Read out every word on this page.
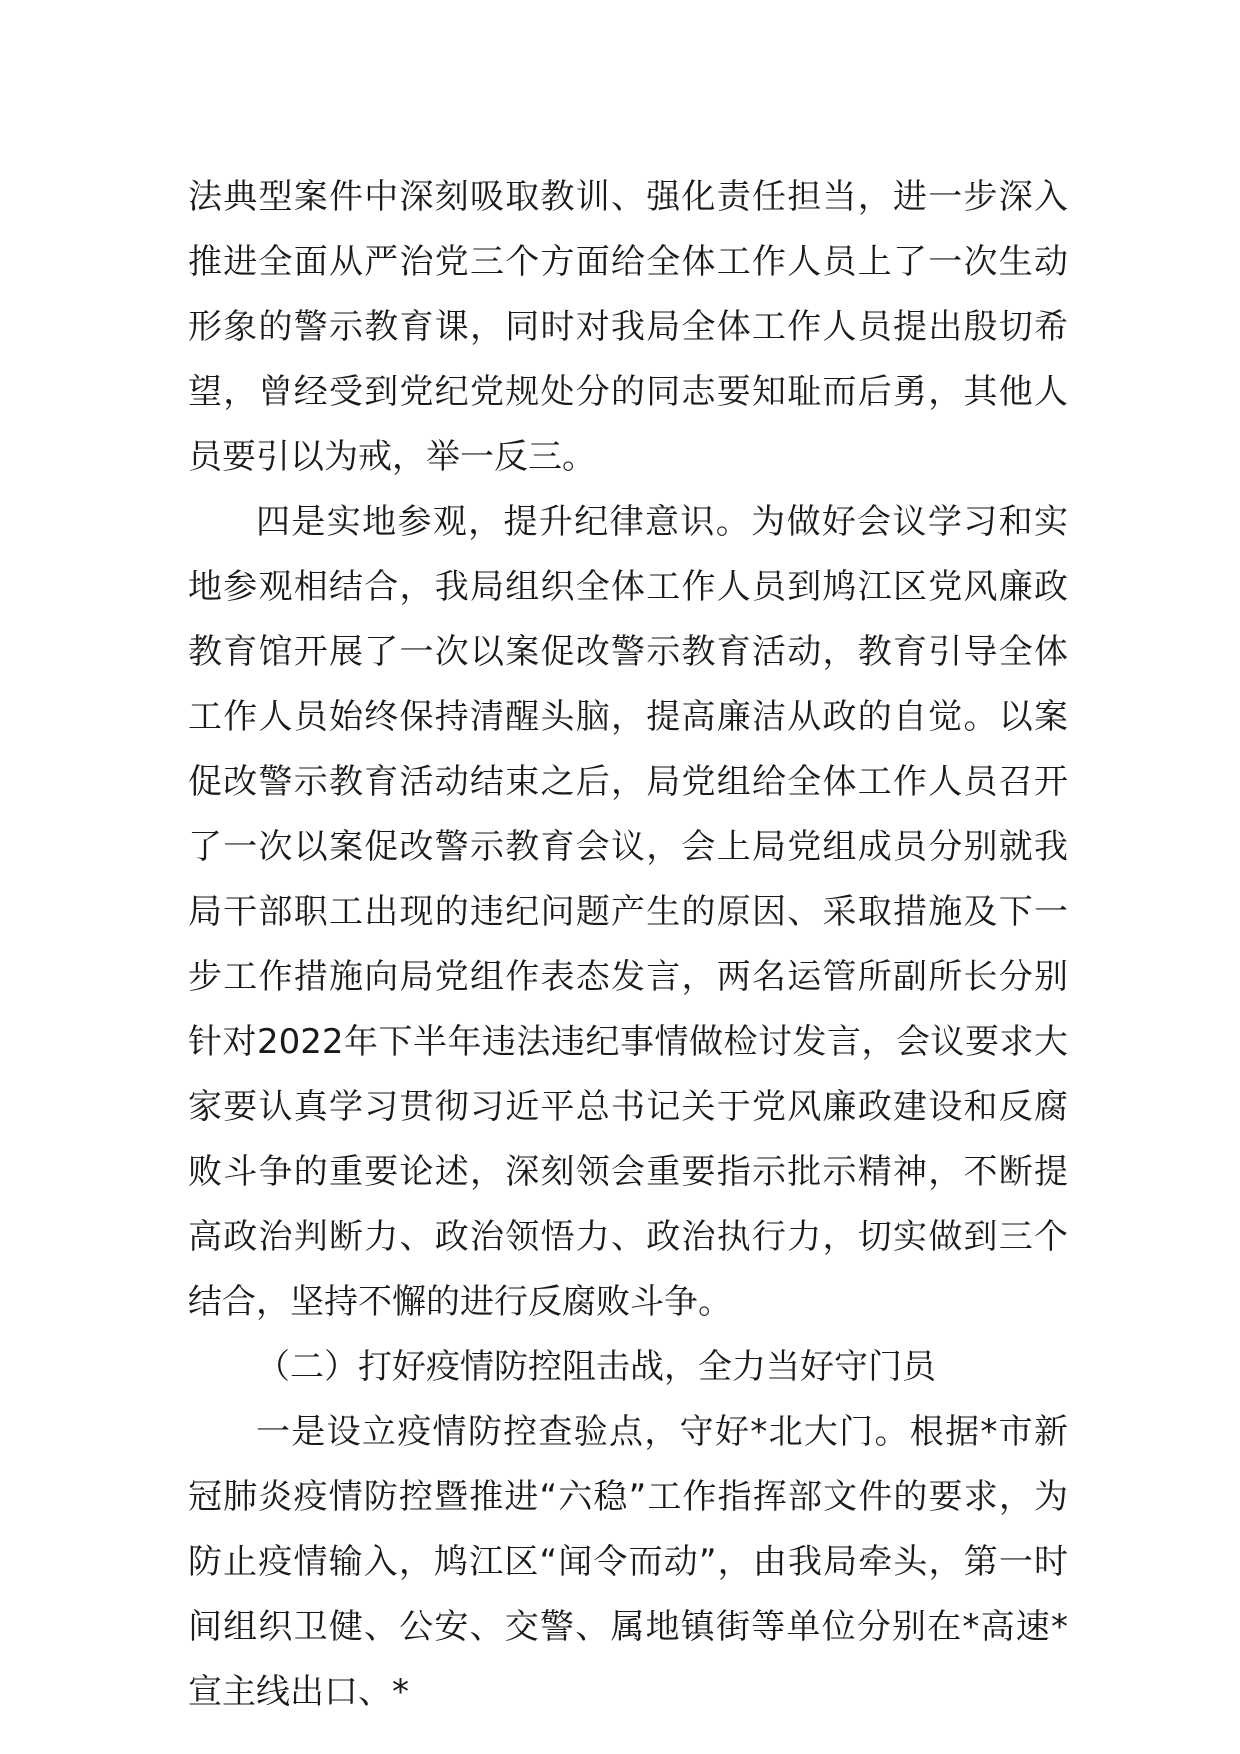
法典型案件中深刻吸取教训、强化责任担当，进一步深入推进全面从严治党三个方面给全体工作人员上了一次生动形象的警示教育课，同时对我局全体工作人员提出殷切希望，曾经受到党纪党规处分的同志要知耻而后勇，其他人员要引以为戒，举一反三。

四是实地参观，提升纪律意识。为做好会议学习和实地参观相结合，我局组织全体工作人员到鸠江区党风廉政教育馆开展了一次以案促改警示教育活动，教育引导全体工作人员始终保持清醒头脑，提高廉洁从政的自觉。以案促改警示教育活动结束之后，局党组给全体工作人员召开了一次以案促改警示教育会议，会上局党组成员分别就我局干部职工出现的违纪问题产生的原因、采取措施及下一步工作措施向局党组作表态发言，两名运管所副所长分别针对2022年下半年违法违纪事情做检讨发言，会议要求大家要认真学习贯彻习近平总书记关于党风廉政建设和反腐败斗争的重要论述，深刻领会重要指示批示精神，不断提高政治判断力、政治领悟力、政治执行力，切实做到三个结合，坚持不懈的进行反腐败斗争。

（二）打好疫情防控阻击战，全力当好守门员

一是设立疫情防控查验点，守好*北大门。根据*市新冠肺炎疫情防控暨推进“六稳”工作指挥部文件的要求，为防止疫情输入，鸠江区“闻令而动”，由我局牵头，第一时间组织卫健、公安、交警、属地镇街等单位分别在*高速*宣主线出口、*
